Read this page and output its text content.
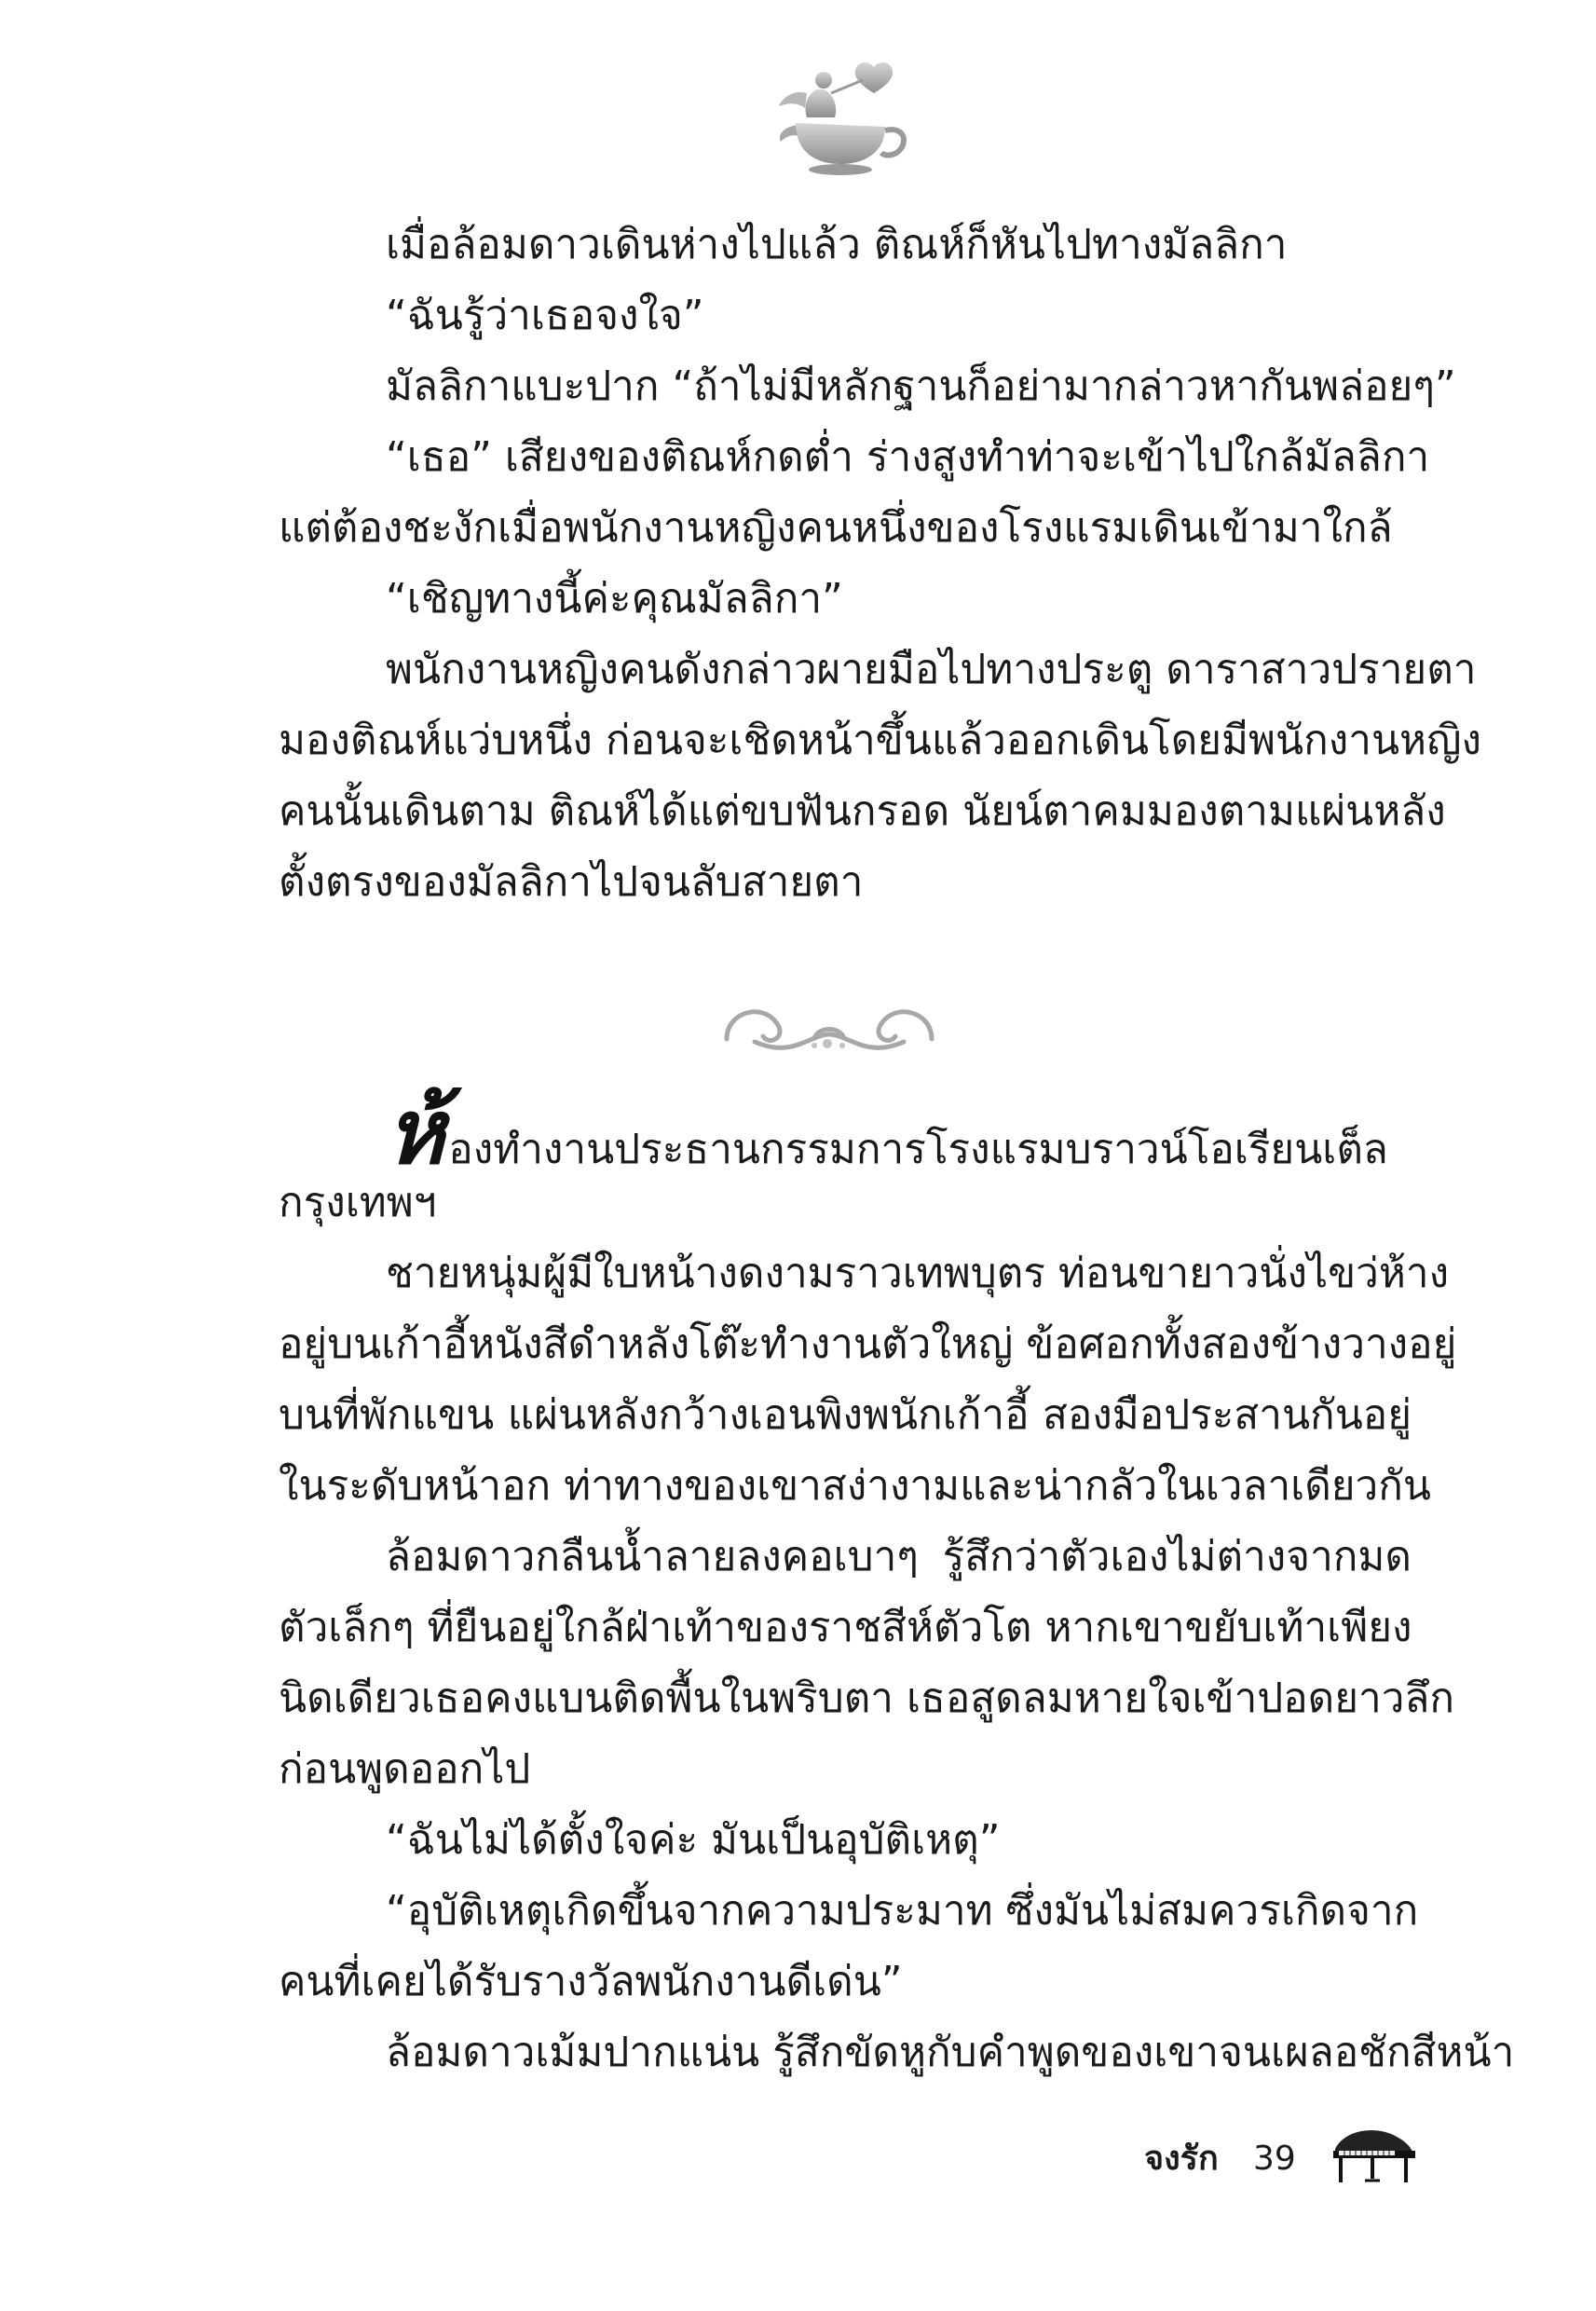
เมื่อล้อมดาวเดินห่างไปแล้ว ติณห์ก็หันไปทางมัลลิกา
“ฉันรู้ว่าเธอจงใจ”
มัลลิกาแบะปาก “ถ้าไม่มีหลักฐานก็อย่ามากล่าวหากันพล่อยๆ”
“เธอ” เสียงของติณห์กดต่ำ ร่างสูงทำท่าจะเข้าไปใกล้มัลลิกา
แต่ต้องชะงักเมื่อพนักงานหญิงคนหนึ่งของโรงแรมเดินเข้ามาใกล้
“เชิญทางนี้ค่ะคุณมัลลิกา”
พนักงานหญิงคนดังกล่าวผายมือไปทางประตู ดาราสาวปรายตา
มองติณห์แว่บหนึ่ง ก่อนจะเชิดหน้าขึ้นแล้วออกเดินโดยมีพนักงานหญิง
คนนั้นเดินตาม ติณห์ได้แต่ขบฟันกรอด นัยน์ตาคมมองตามแผ่นหลัง
ตั้งตรงของมัลลิกาไปจนลับสายตา
ห้องทำงานประธานกรรมการโรงแรมบราวน์โอเรียนเต็ล
กรุงเทพฯ
ชายหนุ่มผู้มีใบหน้างดงามราวเทพบุตร ท่อนขายาวนั่งไขว่ห้าง
อยู่บนเก้าอี้หนังสีดำหลังโต๊ะทำงานตัวใหญ่ ข้อศอกทั้งสองข้างวางอยู่
บนที่พักแขน แผ่นหลังกว้างเอนพิงพนักเก้าอี้ สองมือประสานกันอยู่
ในระดับหน้าอก ท่าทางของเขาสง่างามและน่ากลัวในเวลาเดียวกัน
ล้อมดาวกลืนน้ำลายลงคอเบาๆ รู้สึกว่าตัวเองไม่ต่างจากมด
ตัวเล็กๆ ที่ยืนอยู่ใกล้ฝ่าเท้าของราชสีห์ตัวโต หากเขาขยับเท้าเพียง
นิดเดียวเธอคงแบนติดพื้นในพริบตา เธอสูดลมหายใจเข้าปอดยาวลึก
ก่อนพูดออกไป
“ฉันไม่ได้ตั้งใจค่ะ มันเป็นอุบัติเหตุ”
“อุบัติเหตุเกิดขึ้นจากความประมาท ซึ่งมันไม่สมควรเกิดจาก
คนที่เคยได้รับรางวัลพนักงานดีเด่น”
ล้อมดาวเม้มปากแน่น รู้สึกขัดหูกับคำพูดของเขาจนเผลอชักสีหน้า
จงรัก 39
